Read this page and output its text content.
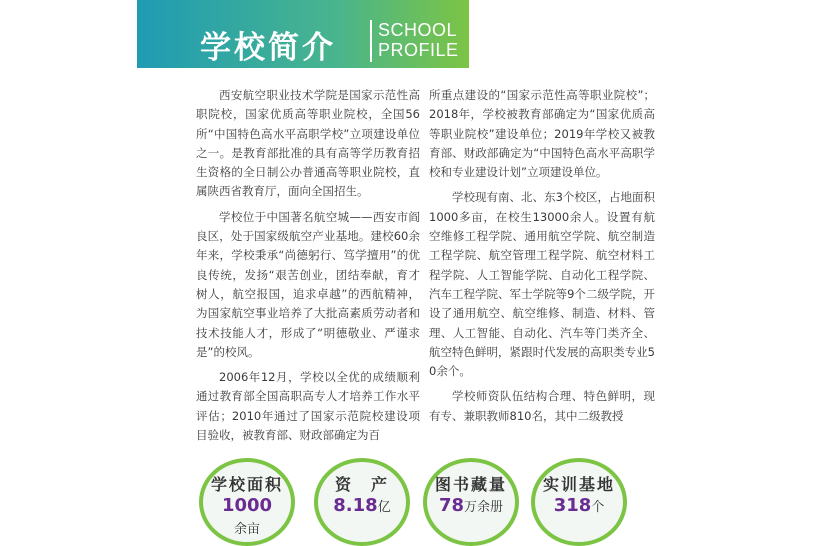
学校简介 SCHOOL
PROFILE

西安航空职业技术学院是国家示范性高职院校，国家优质高等职业院校，全国56所“中国特色高水平高职学校”立项建设单位之一。是教育部批准的具有高等学历教育招生资格的全日制公办普通高等职业院校，直属陕西省教育厅，面向全国招生。

学校位于中国著名航空城——西安市阎良区，处于国家级航空产业基地。建校60余年来，学校秉承“尚德躬行、笃学擅用”的优良传统，发扬“艰苦创业，团结奉献，育才树人，航空报国，追求卓越”的西航精神，为国家航空事业培养了大批高素质劳动者和技术技能人才，形成了“明德敬业、严谨求是”的校风。

2006年12月，学校以全优的成绩顺利通过教育部全国高职高专人才培养工作水平评估；2010年通过了国家示范院校建设项目验收，被教育部、财政部确定为百

所重点建设的“国家示范性高等职业院校”；2018年，学校被教育部确定为“国家优质高等职业院校”建设单位；2019年学校又被教育部、财政部确定为“中国特色高水平高职学校和专业建设计划”立项建设单位。

学校现有南、北、东3个校区，占地面积1000多亩，在校生13000余人。设置有航空维修工程学院、通用航空学院、航空制造工程学院、航空管理工程学院、航空材料工程学院、人工智能学院、自动化工程学院、汽车工程学院、军士学院等9个二级学院，开设了通用航空、航空维修、制造、材料、管理、人工智能、自动化、汽车等门类齐全、航空特色鲜明，紧跟时代发展的高职类专业50余个。

学校师资队伍结构合理、特色鲜明，现有专、兼职教师810名，其中二级教授

学校面积
1000
余亩
资　产
8.18亿
图书藏量
78万余册
实训基地
318个
